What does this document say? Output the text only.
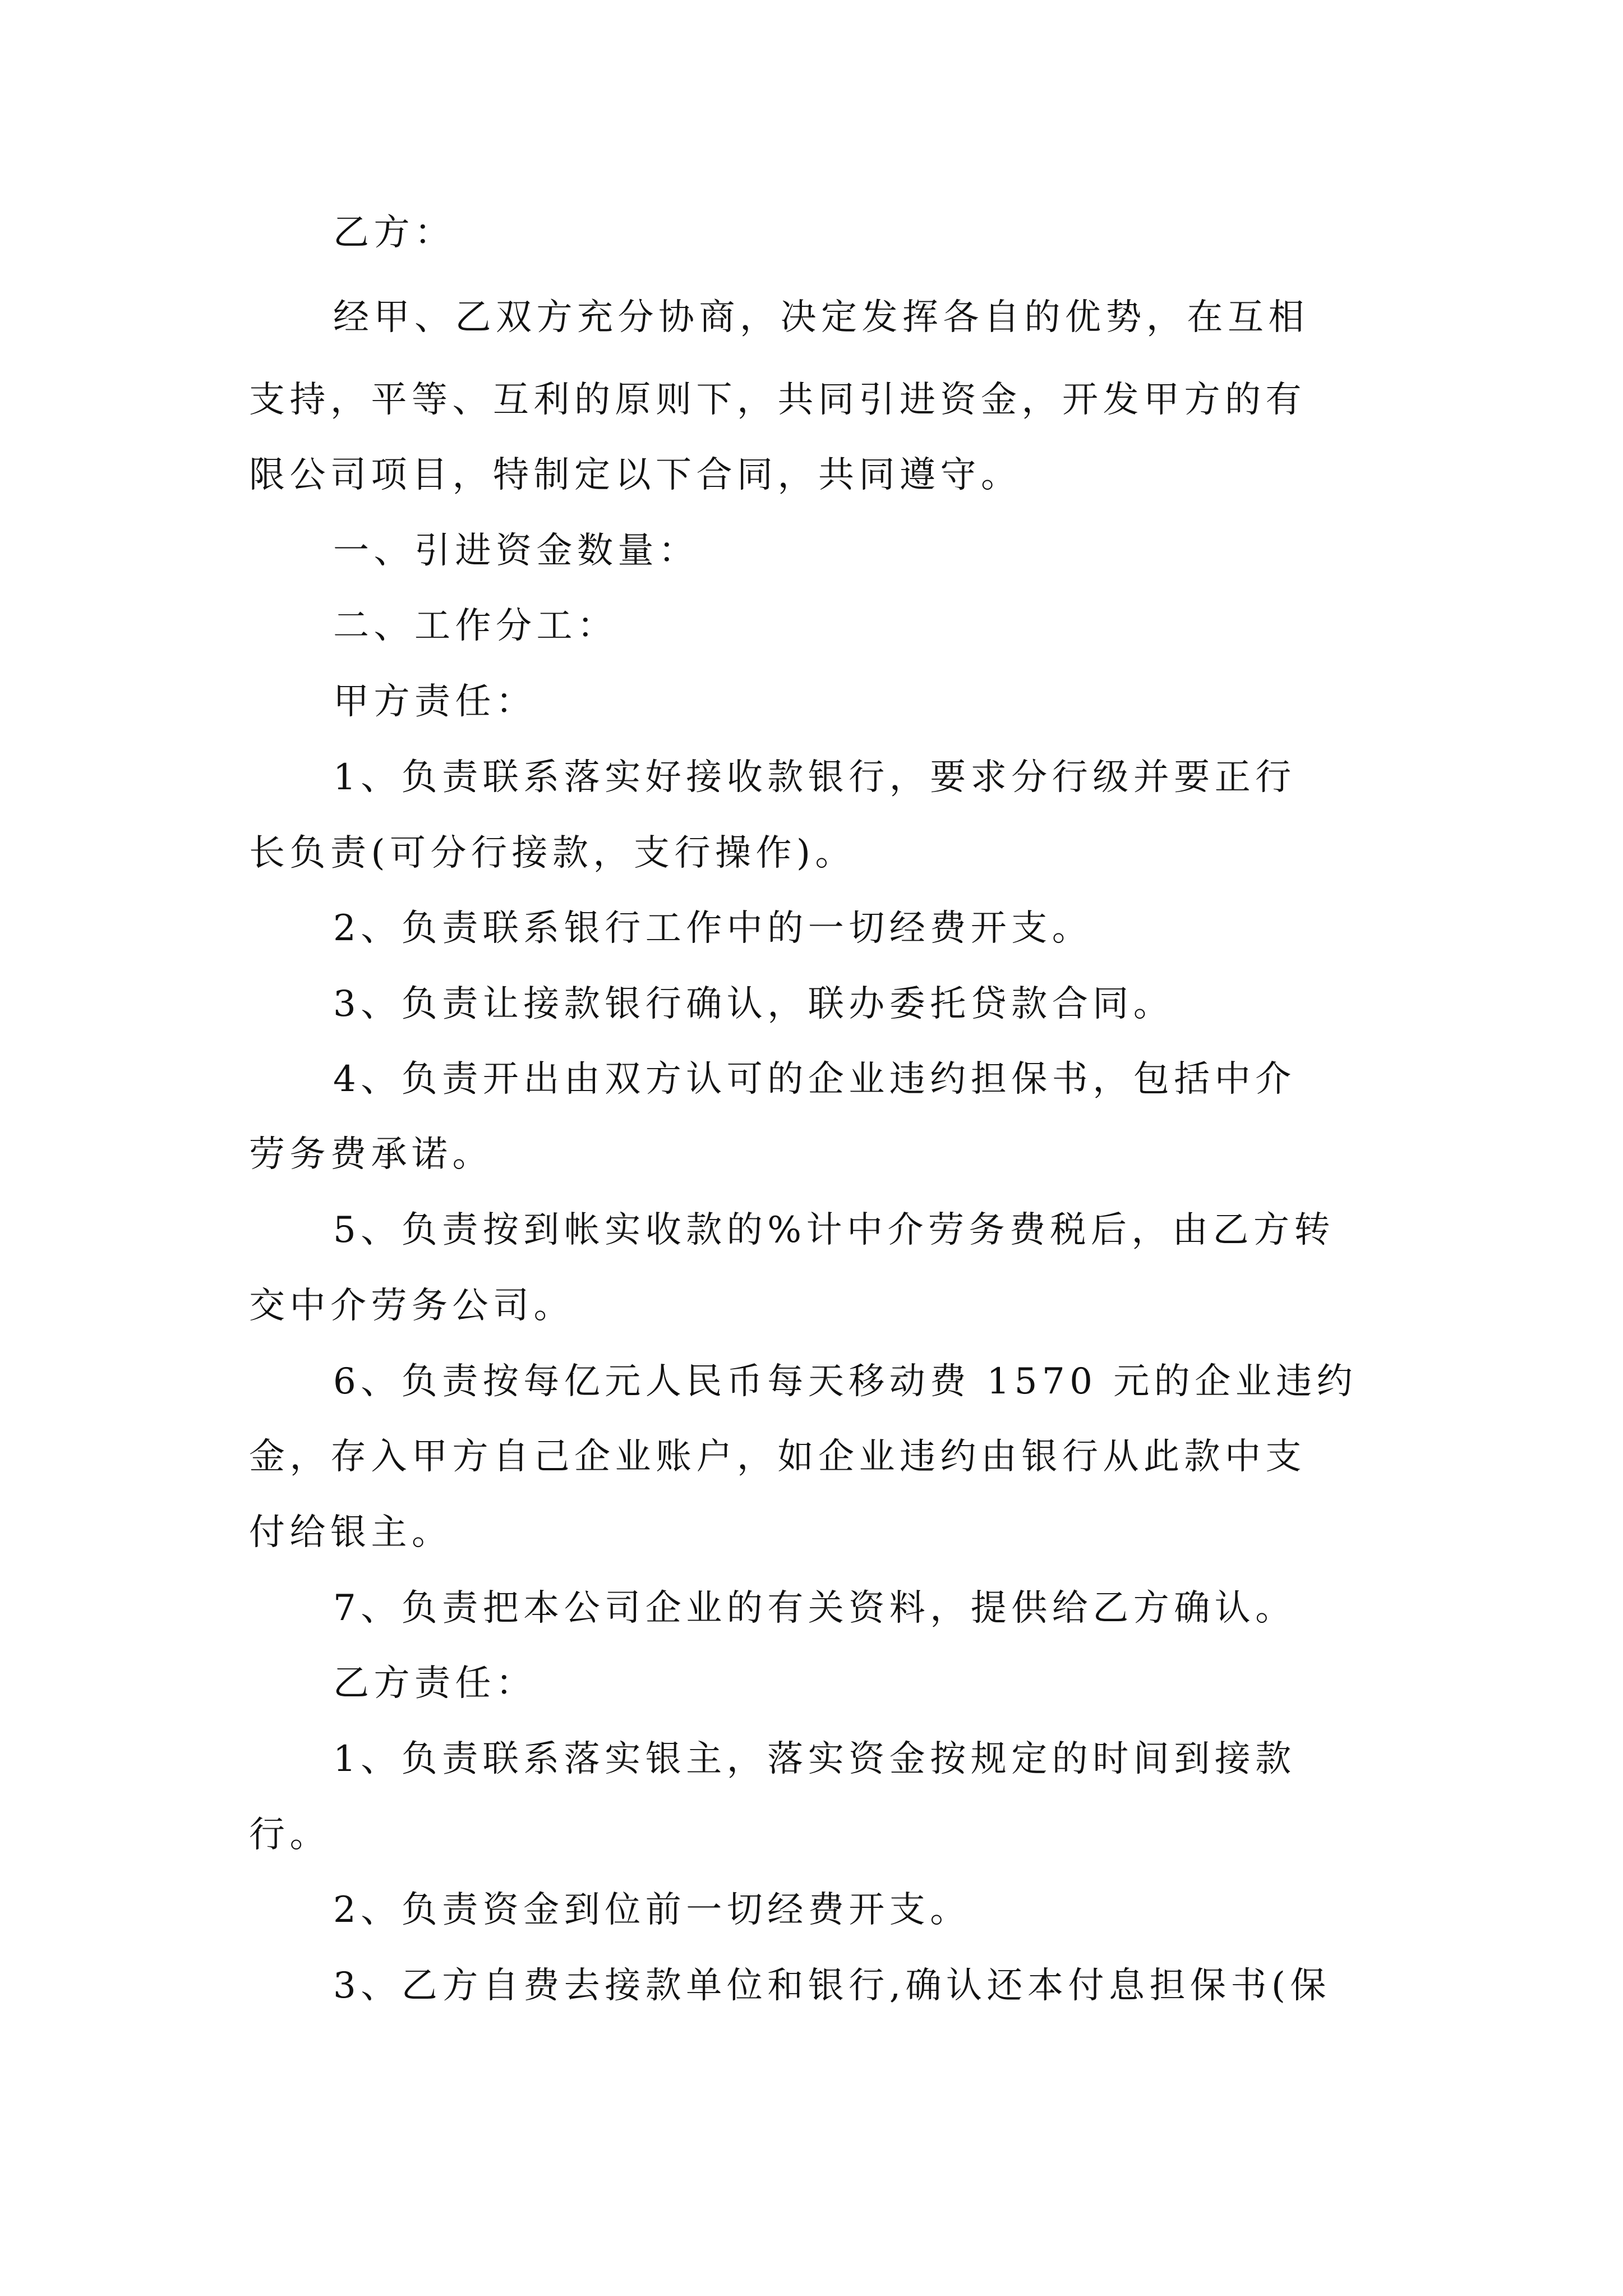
乙方：
经甲、乙双方充分协商，决定发挥各自的优势，在互相
支持，平等、互利的原则下，共同引进资金，开发甲方的有
限公司项目，特制定以下合同，共同遵守。
一、引进资金数量：
二、工作分工：
甲方责任：
1、负责联系落实好接收款银行，要求分行级并要正行
长负责(可分行接款，支行操作)。
2、负责联系银行工作中的一切经费开支。
3、负责让接款银行确认，联办委托贷款合同。
4、负责开出由双方认可的企业违约担保书，包括中介
劳务费承诺。
5、负责按到帐实收款的%计中介劳务费税后，由乙方转
交中介劳务公司。
6、负责按每亿元人民币每天移动费 1570 元的企业违约
金，存入甲方自己企业账户，如企业违约由银行从此款中支
付给银主。
7、负责把本公司企业的有关资料，提供给乙方确认。
乙方责任：
1、负责联系落实银主，落实资金按规定的时间到接款
行。
2、负责资金到位前一切经费开支。
3、乙方自费去接款单位和银行,确认还本付息担保书(保
